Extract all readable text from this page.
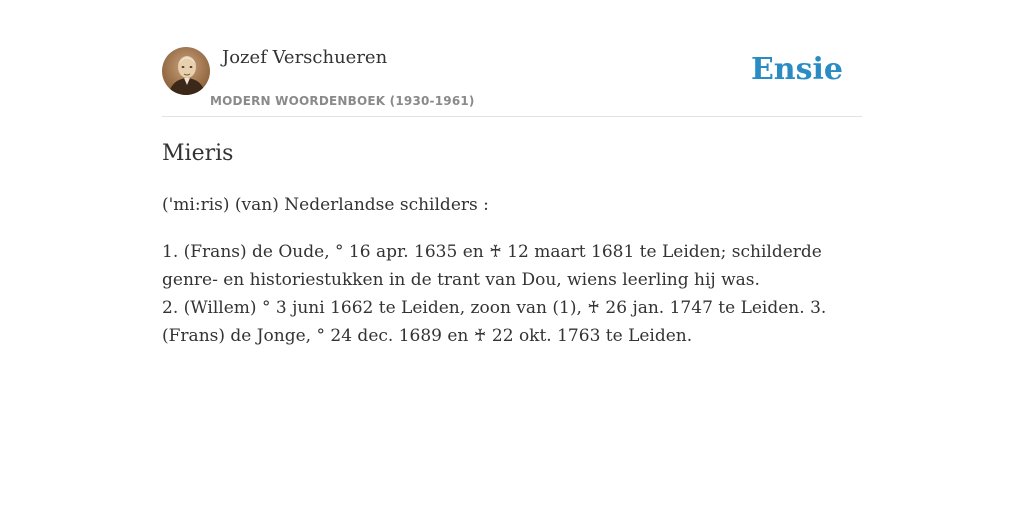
Jozef Verschueren
MODERN WOORDENBOEK (1930-1961)
Ensie
Mieris

('mi:ris) (van) Nederlandse schilders :

1. (Frans) de Oude, ° 16 apr. 1635 en ♰ 12 maart 1681 te Leiden; schilderde genre- en historiestukken in de trant van Dou, wiens leerling hij was.

2. (Willem) ° 3 juni 1662 te Leiden, zoon van (1), ♰ 26 jan. 1747 te Leiden. 3. (Frans) de Jonge, ° 24 dec. 1689 en ♰ 22 okt. 1763 te Leiden.
